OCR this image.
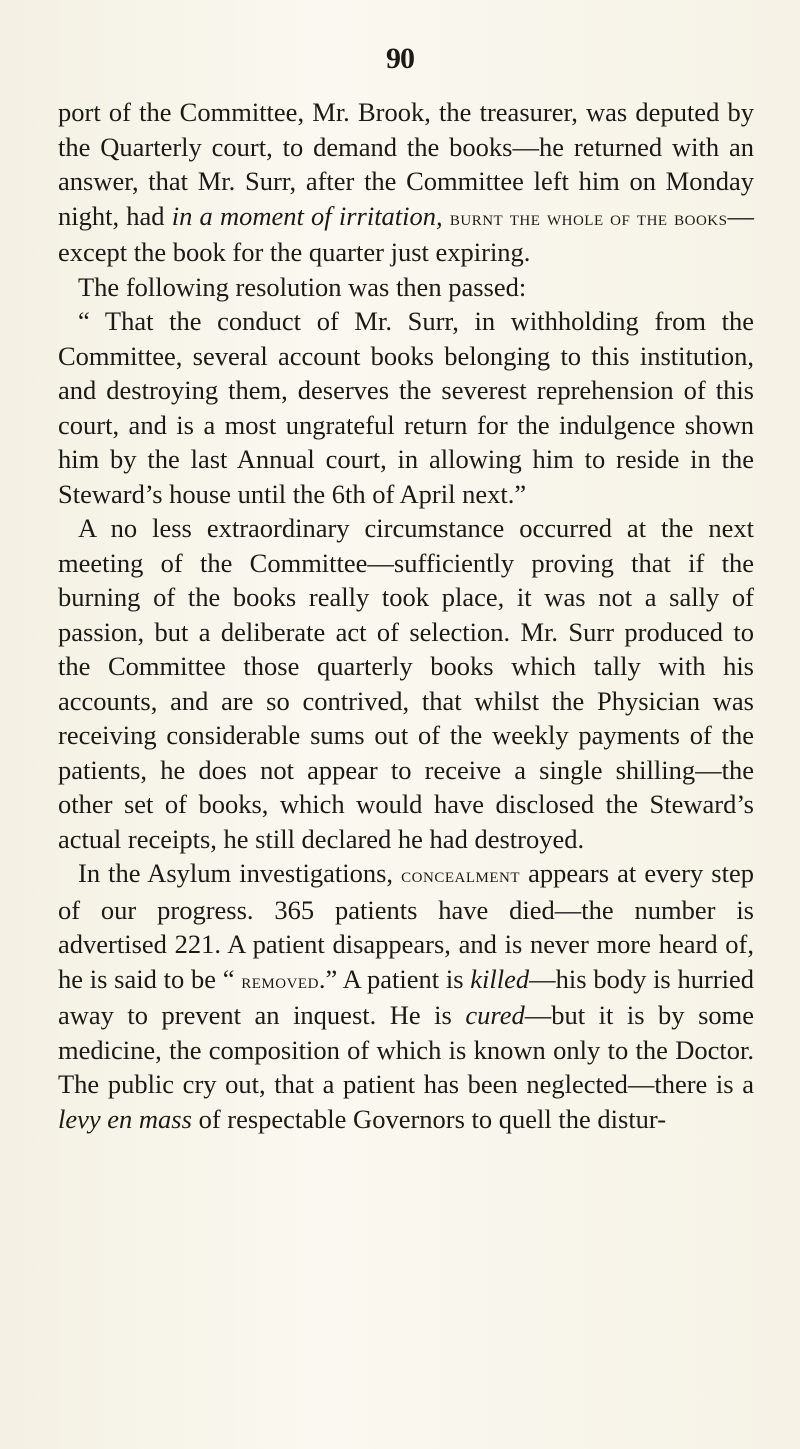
90

port of the Committee, Mr. Brook, the treasurer, was deputed by the Quarterly court, to demand the books—he returned with an answer, that Mr. Surr, after the Committee left him on Monday night, had in a moment of irritation, burnt the whole of the books—except the book for the quarter just expiring.

The following resolution was then passed:

“ That the conduct of Mr. Surr, in withholding from the Committee, several account books belonging to this institution, and destroying them, deserves the severest reprehension of this court, and is a most ungrateful return for the indulgence shown him by the last Annual court, in allowing him to reside in the Steward’s house until the 6th of April next.”

A no less extraordinary circumstance occurred at the next meeting of the Committee—sufficiently proving that if the burning of the books really took place, it was not a sally of passion, but a deliberate act of selection. Mr. Surr produced to the Committee those quarterly books which tally with his accounts, and are so contrived, that whilst the Physician was receiving considerable sums out of the weekly payments of the patients, he does not appear to receive a single shilling—the other set of books, which would have disclosed the Steward’s actual receipts, he still declared he had destroyed.

In the Asylum investigations, concealment appears at every step of our progress. 365 patients have died—the number is advertised 221. A patient disappears, and is never more heard of, he is said to be “ removed.” A patient is killed—his body is hurried away to prevent an inquest. He is cured—but it is by some medicine, the composition of which is known only to the Doctor. The public cry out, that a patient has been neglected—there is a levy en mass of respectable Governors to quell the distur-
